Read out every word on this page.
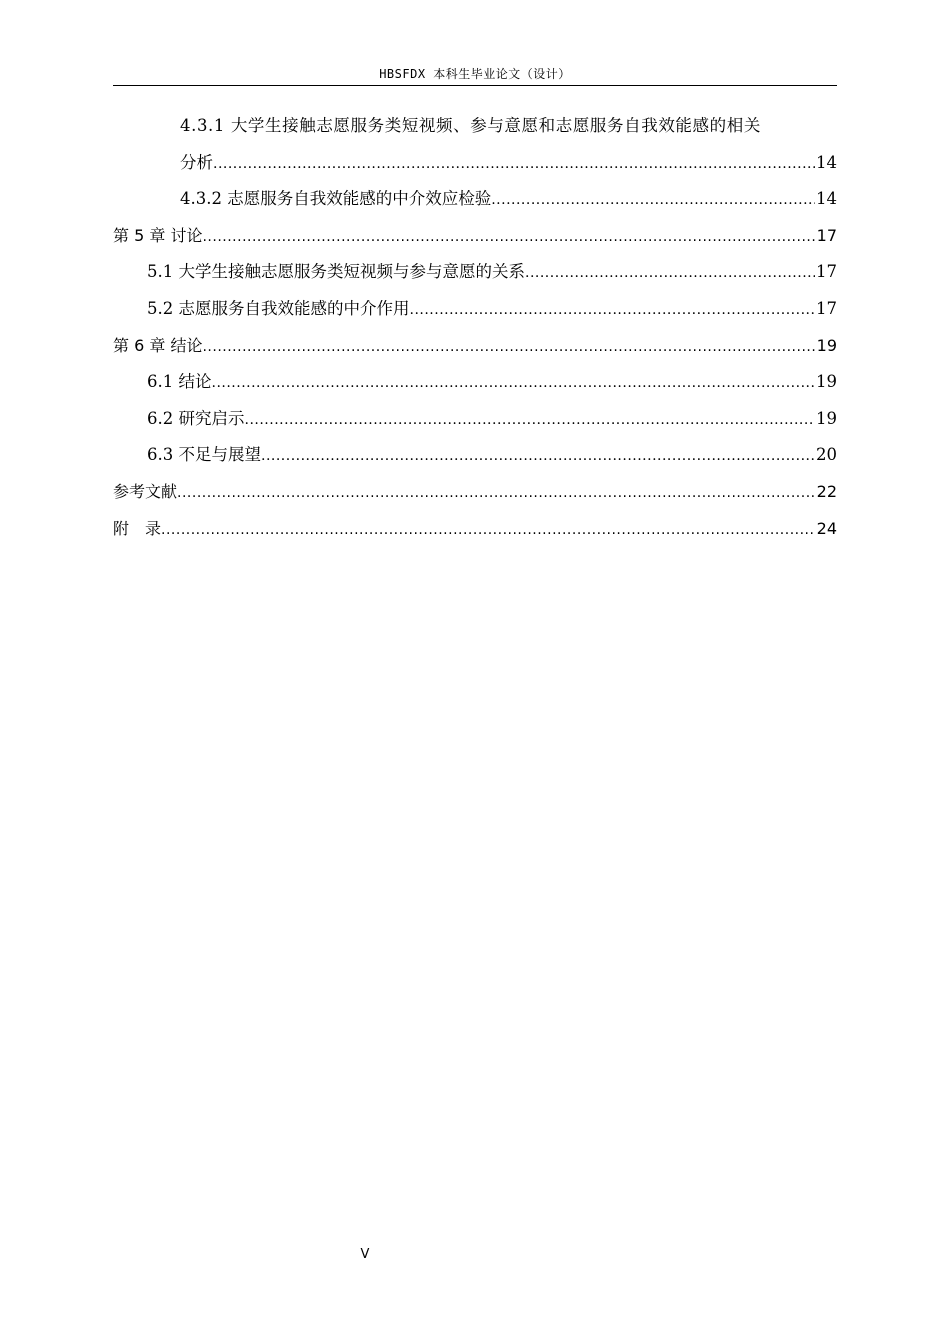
HBSFDX 本科生毕业论文（设计）
4.3.1 大学生接触志愿服务类短视频、参与意愿和志愿服务自我效能感的相关
分析 .....	14
4.3.2 志愿服务自我效能感的中介效应检验 .....	14
第 5 章 讨论 .....	17
5.1 大学生接触志愿服务类短视频与参与意愿的关系 .....	17
5.2 志愿服务自我效能感的中介作用 .....	17
第 6 章 结论 .....	19
6.1 结论 .....	19
6.2 研究启示 .....	19
6.3 不足与展望 .....	20
参考文献 .....	22
附　录 .....	24
V
